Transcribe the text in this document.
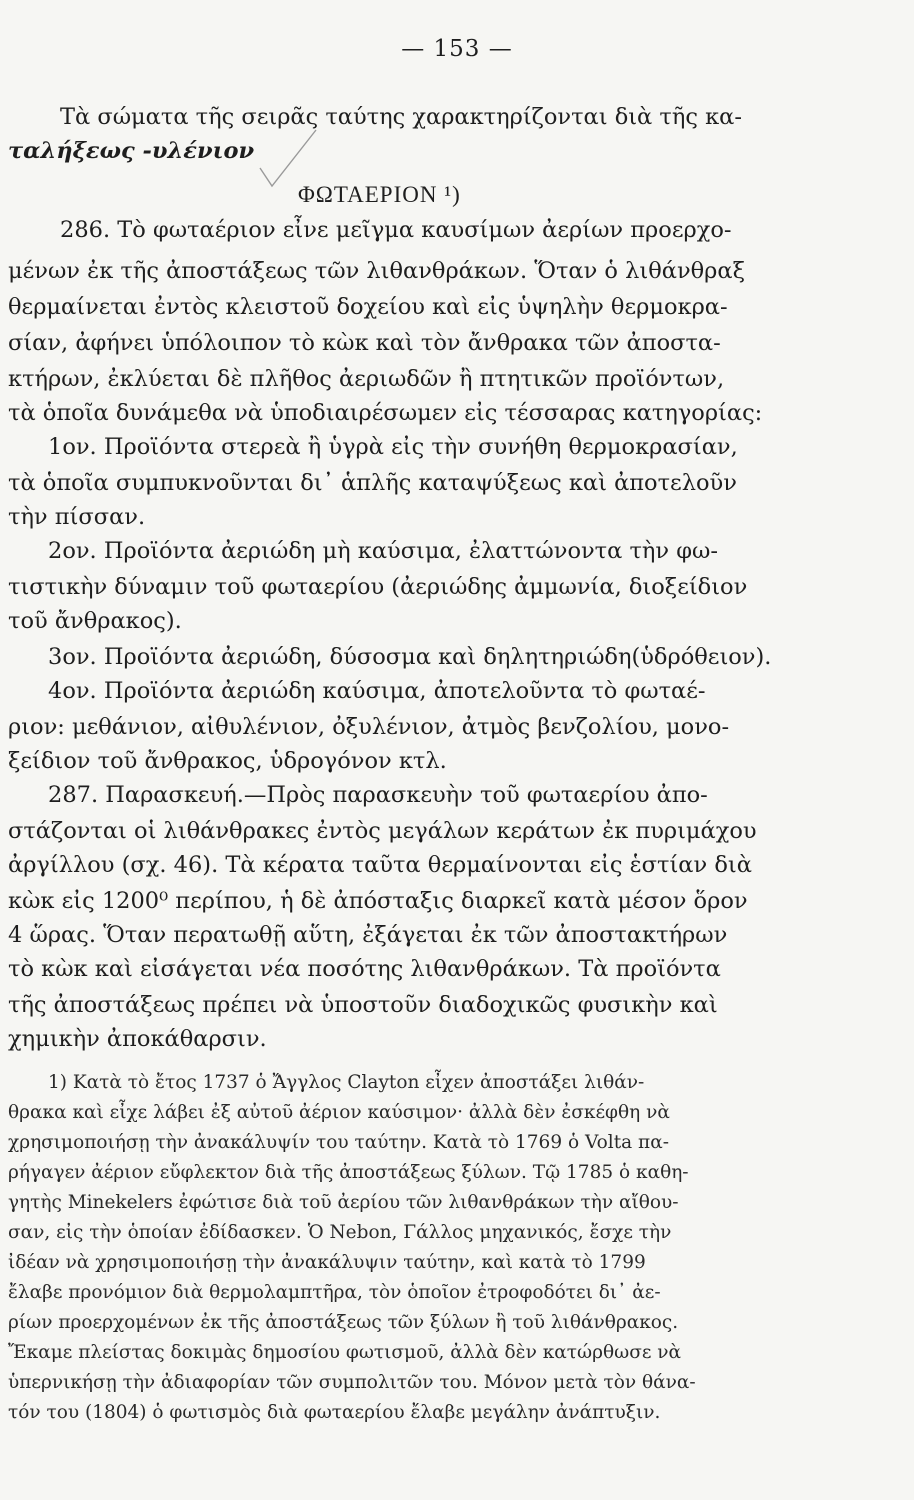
— 153 —
Τὰ σώματα τῆς σειρᾶς ταύτης χαρακτηρίζονται διὰ τῆς κα-
ταλήξεως -υλένιον
ΦΩΤΑΕΡΙΟΝ ¹)
286. Τὸ φωταέριον εἶνε μεῖγμα καυσίμων ἀερίων προερχο-
μένων ἐκ τῆς ἀποστάξεως τῶν λιθανθράκων. Ὅταν ὁ λιθάνθραξ
θερμαίνεται ἐντὸς κλειστοῦ δοχείου καὶ εἰς ὑψηλὴν θερμοκρα-
σίαν, ἀφήνει ὑπόλοιπον τὸ κὼκ καὶ τὸν ἄνθρακα τῶν ἀποστα-
κτήρων, ἐκλύεται δὲ πλῆθος ἀεριωδῶν ἢ πτητικῶν προϊόντων,
τὰ ὁποῖα δυνάμεθα νὰ ὑποδιαιρέσωμεν εἰς τέσσαρας κατηγορίας:
1ον. Προϊόντα στερεὰ ἢ ὑγρὰ εἰς τὴν συνήθη θερμοκρασίαν,
τὰ ὁποῖα συμπυκνοῦνται δι᾽ ἁπλῆς καταψύξεως καὶ ἀποτελοῦν
τὴν πίσσαν.
2ον. Προϊόντα ἀεριώδη μὴ καύσιμα, ἐλαττώνοντα τὴν φω-
τιστικὴν δύναμιν τοῦ φωταερίου (ἀεριώδης ἀμμωνία, διοξείδιον
τοῦ ἄνθρακος).
3ον. Προϊόντα ἀεριώδη, δύσοσμα καὶ δηλητηριώδη(ὑδρόθειον).
4ον. Προϊόντα ἀεριώδη καύσιμα, ἀποτελοῦντα τὸ φωταέ-
ριον: μεθάνιον, αἰθυλένιον, ὀξυλένιον, ἀτμὸς βενζολίου, μονο-
ξείδιον τοῦ ἄνθρακος, ὑδρογόνον κτλ.
287. Παρασκευή.—Πρὸς παρασκευὴν τοῦ φωταερίου ἀπο-
στάζονται οἱ λιθάνθρακες ἐντὸς μεγάλων κεράτων ἐκ πυριμάχου
ἀργίλλου (σχ. 46). Τὰ κέρατα ταῦτα θερμαίνονται εἰς ἑστίαν διὰ
κὼκ εἰς 1200⁰ περίπου, ἡ δὲ ἀπόσταξις διαρκεῖ κατὰ μέσον ὅρον
4 ὥρας. Ὅταν περατωθῇ αὕτη, ἐξάγεται ἐκ τῶν ἀποστακτήρων
τὸ κὼκ καὶ εἰσάγεται νέα ποσότης λιθανθράκων. Τὰ προϊόντα
τῆς ἀποστάξεως πρέπει νὰ ὑποστοῦν διαδοχικῶς φυσικὴν καὶ
χημικὴν ἀποκάθαρσιν.
1) Κατὰ τὸ ἔτος 1737 ὁ Ἄγγλος Clayton εἶχεν ἀποστάξει λιθάν-
θρακα καὶ εἶχε λάβει ἐξ αὐτοῦ ἀέριον καύσιμον· ἀλλὰ δὲν ἐσκέφθη νὰ
χρησιμοποιήσῃ τὴν ἀνακάλυψίν του ταύτην. Κατὰ τὸ 1769 ὁ Volta πα-
ρήγαγεν ἀέριον εὔφλεκτον διὰ τῆς ἀποστάξεως ξύλων. Τῷ 1785 ὁ καθη-
γητὴς Minekelers ἐφώτισε διὰ τοῦ ἀερίου τῶν λιθανθράκων τὴν αἴθου-
σαν, εἰς τὴν ὁποίαν ἐδίδασκεν. Ὁ Nebon, Γάλλος μηχανικός, ἔσχε τὴν
ἰδέαν νὰ χρησιμοποιήσῃ τὴν ἀνακάλυψιν ταύτην, καὶ κατὰ τὸ 1799
ἔλαβε προνόμιον διὰ θερμολαμπτῆρα, τὸν ὁποῖον ἐτροφοδότει δι᾽ ἀε-
ρίων προερχομένων ἐκ τῆς ἀποστάξεως τῶν ξύλων ἢ τοῦ λιθάνθρακος.
Ἔκαμε πλείστας δοκιμὰς δημοσίου φωτισμοῦ, ἀλλὰ δὲν κατώρθωσε νὰ
ὑπερνικήσῃ τὴν ἀδιαφορίαν τῶν συμπολιτῶν του. Μόνον μετὰ τὸν θάνα-
τόν του (1804) ὁ φωτισμὸς διὰ φωταερίου ἔλαβε μεγάλην ἀνάπτυξιν.
